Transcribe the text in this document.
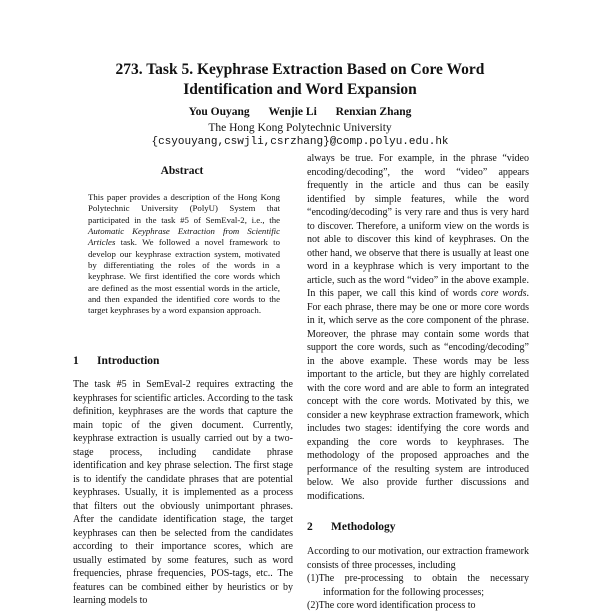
273. Task 5. Keyphrase Extraction Based on Core Word
Identification and Word Expansion
You Ouyang Wenjie Li Renxian Zhang
The Hong Kong Polytechnic University
{csyouyang,cswjli,csrzhang}@comp.polyu.edu.hk
Abstract
This paper provides a description of the Hong Kong Polytechnic University (PolyU) System that participated in the task #5 of SemEval-2, i.e., the Automatic Keyphrase Extraction from Scientific Articles task. We followed a novel framework to develop our keyphrase extraction system, motivated by differentiating the roles of the words in a keyphrase. We first identified the core words which are defined as the most essential words in the article, and then expanded the identified core words to the target keyphrases by a word expansion approach.
1 Introduction
The task #5 in SemEval-2 requires extracting the keyphrases for scientific articles. According to the task definition, keyphrases are the words that capture the main topic of the given document. Currently, keyphrase extraction is usually carried out by a two-stage process, including candidate phrase identification and key phrase selection. The first stage is to identify the candidate phrases that are potential keyphrases. Usually, it is implemented as a process that filters out the obviously unimportant phrases. After the candidate identification stage, the target keyphrases can then be selected from the candidates according to their importance scores, which are usually estimated by some features, such as word frequencies, phrase frequencies, POS-tags, etc.. The features can be combined either by heuristics or by learning models to
always be true. For example, in the phrase “video encoding/decoding”, the word “video” appears frequently in the article and thus can be easily identified by simple features, while the word “encoding/decoding” is very rare and thus is very hard to discover. Therefore, a uniform view on the words is not able to discover this kind of keyphrases. On the other hand, we observe that there is usually at least one word in a keyphrase which is very important to the article, such as the word “video” in the above example. In this paper, we call this kind of words core words. For each phrase, there may be one or more core words in it, which serve as the core component of the phrase. Moreover, the phrase may contain some words that support the core words, such as “encoding/decoding” in the above example. These words may be less important to the article, but they are highly correlated with the core word and are able to form an integrated concept with the core words. Motivated by this, we consider a new keyphrase extraction framework, which includes two stages: identifying the core words and expanding the core words to keyphrases. The methodology of the proposed approaches and the performance of the resulting system are introduced below. We also provide further discussions and modifications.
2 Methodology

According to our motivation, our extraction framework consists of three processes, including

(1)The pre-processing to obtain the necessary information for the following processes;

(2)The core word identification process to
